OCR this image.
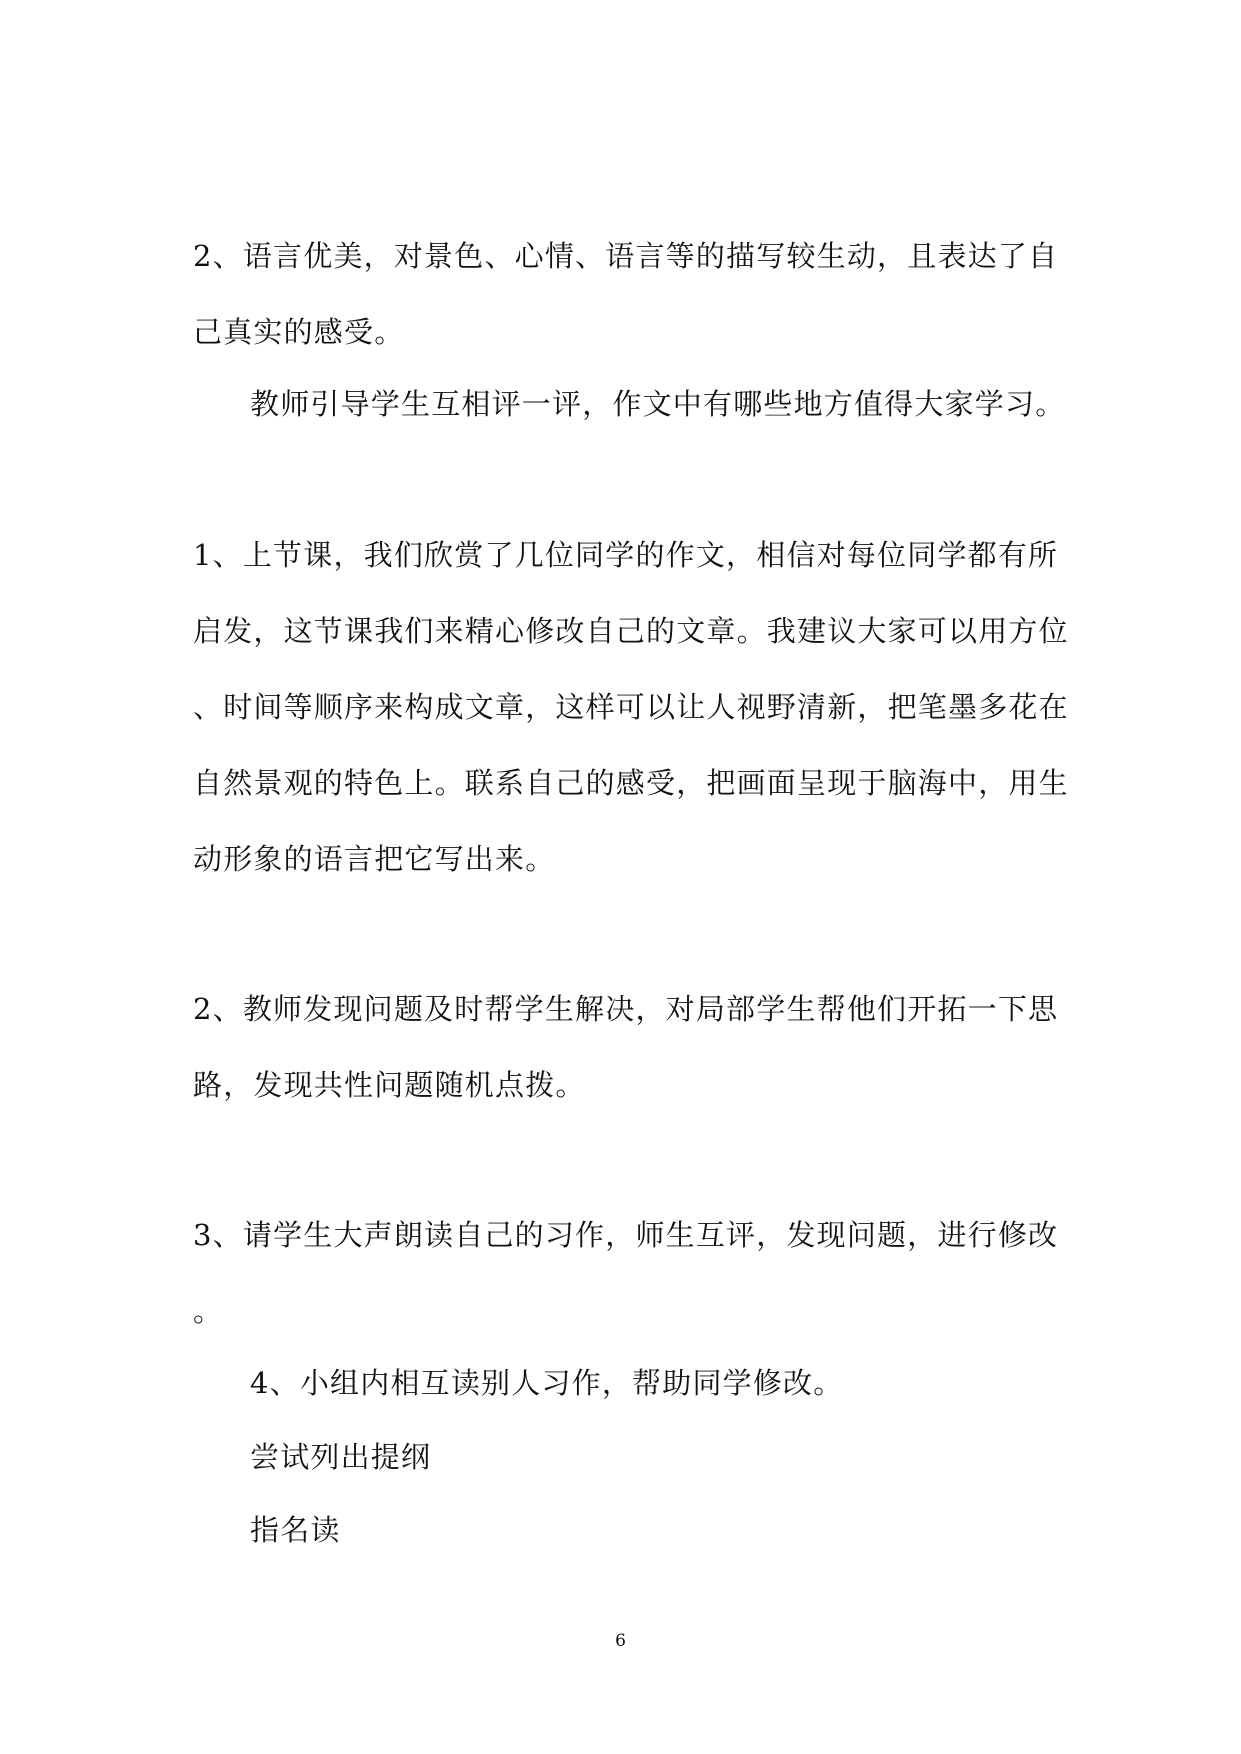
2、语言优美，对景色、心情、语言等的描写较生动，且表达了自
己真实的感受。
教师引导学生互相评一评，作文中有哪些地方值得大家学习。
1、上节课，我们欣赏了几位同学的作文，相信对每位同学都有所
启发，这节课我们来精心修改自己的文章。我建议大家可以用方位
、时间等顺序来构成文章，这样可以让人视野清新，把笔墨多花在
自然景观的特色上。联系自己的感受，把画面呈现于脑海中，用生
动形象的语言把它写出来。
2、教师发现问题及时帮学生解决，对局部学生帮他们开拓一下思
路，发现共性问题随机点拨。
3、请学生大声朗读自己的习作，师生互评，发现问题，进行修改
。
4、小组内相互读别人习作，帮助同学修改。
尝试列出提纲
指名读
6
